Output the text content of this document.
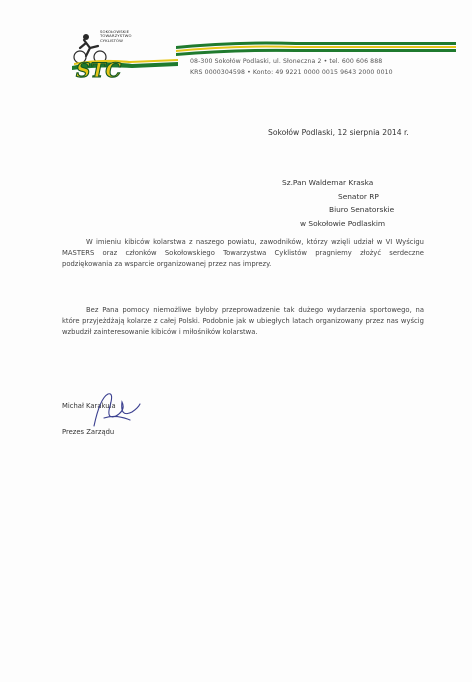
STC
SOKOŁOWSKIE
TOWARZYSTWO
CYKLISTÓW
08-300 Sokołów Podlaski, ul. Słoneczna 2 • tel. 600 606 888
KRS 0000304598 • Konto: 49 9221 0000 0015 9643 2000 0010
Sokołów Podlaski, 12 sierpnia 2014 r.
Sz.Pan Waldemar Kraska
Senator RP
Biuro Senatorskie
w Sokołowie Podlaskim

W imieniu kibiców kolarstwa z naszego powiatu, zawodników, którzy wzięli udział w VI Wyścigu MASTERS oraz członków Sokołowskiego Towarzystwa Cyklistów pragniemy złożyć serdeczne podziękowania za wsparcie organizowanej przez nas imprezy.

Bez Pana pomocy niemożliwe byłoby przeprowadzenie tak dużego wydarzenia sportowego, na które przyjeżdżają kolarze z całej Polski. Podobnie jak w ubiegłych latach organizowany przez nas wyścig wzbudził zainteresowanie kibiców i miłośników kolarstwa.

Michał Karakula
Prezes Zarządu
